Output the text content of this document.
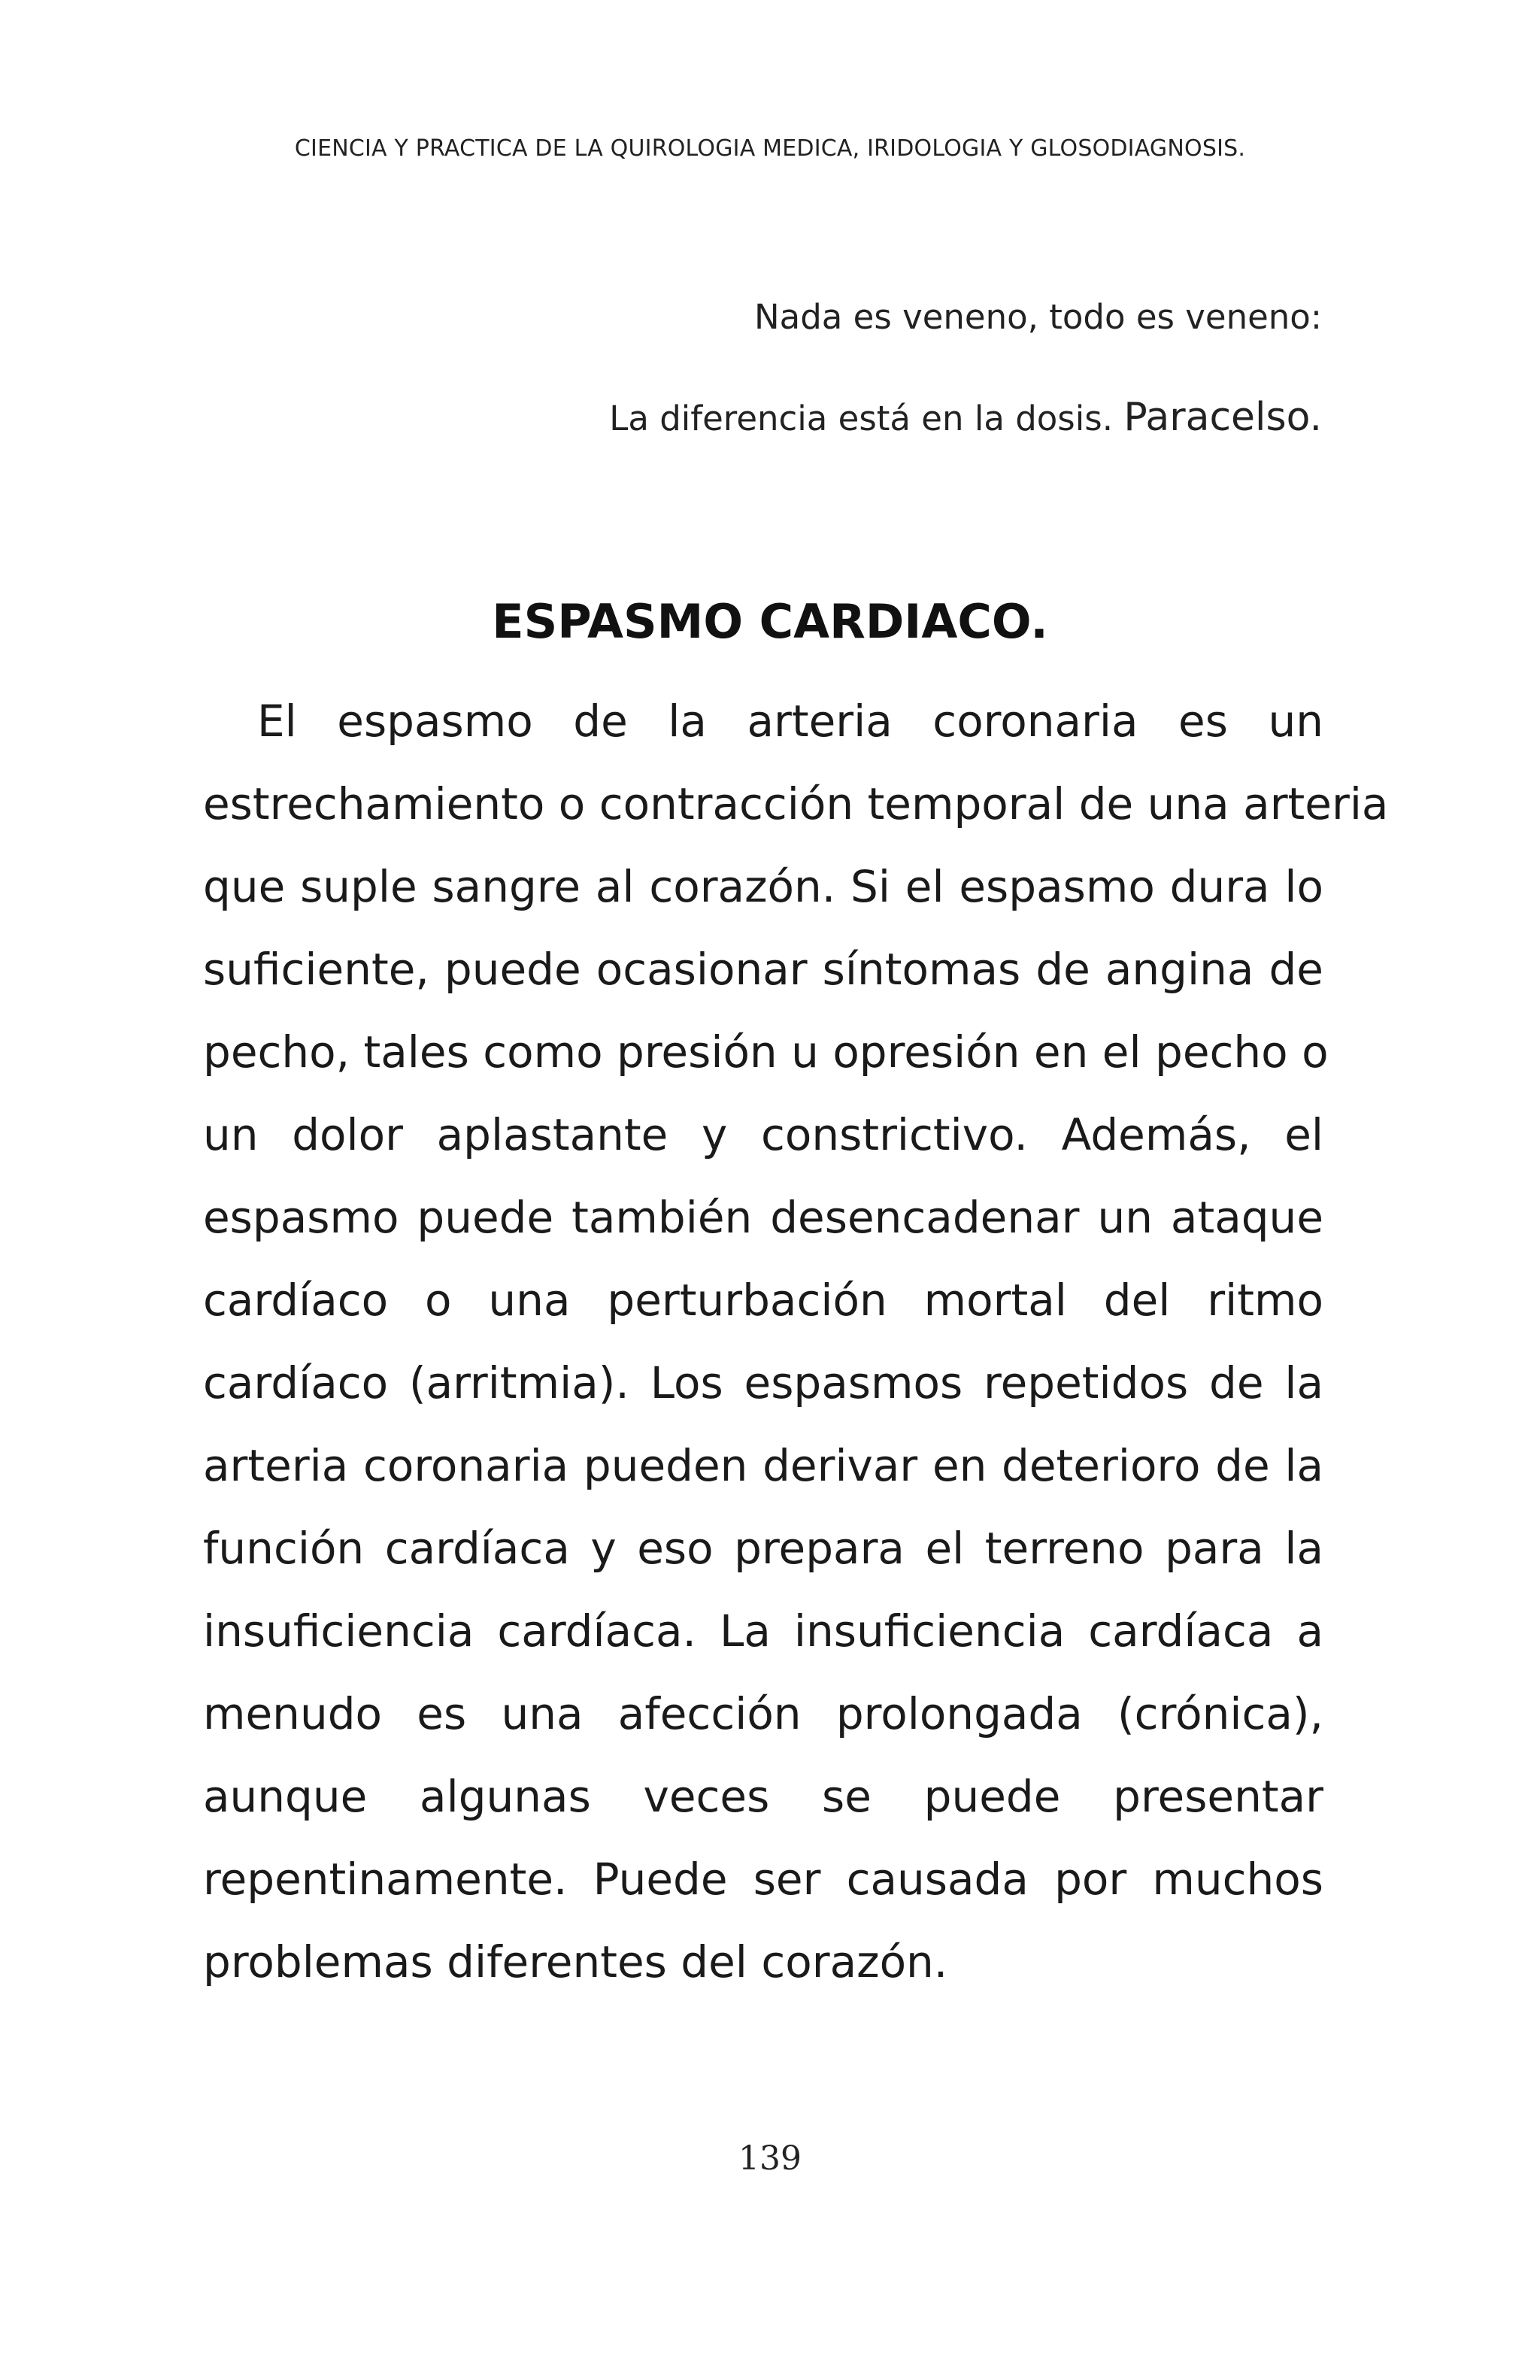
CIENCIA Y PRACTICA DE LA QUIROLOGIA MEDICA, IRIDOLOGIA Y GLOSODIAGNOSIS.
Nada es veneno, todo es veneno:
La diferencia está en la dosis. Paracelso.
ESPASMO CARDIACO.
El espasmo de la arteria coronaria es un
estrechamiento o contracción temporal de una arteria
que suple sangre al corazón. Si el espasmo dura lo
suficiente, puede ocasionar síntomas de angina de
pecho, tales como presión u opresión en el pecho o
un dolor aplastante y constrictivo. Además, el
espasmo puede también desencadenar un ataque
cardíaco o una perturbación mortal del ritmo
cardíaco (arritmia). Los espasmos repetidos de la
arteria coronaria pueden derivar en deterioro de la
función cardíaca y eso prepara el terreno para la
insuficiencia cardíaca. La insuficiencia cardíaca a
menudo es una afección prolongada (crónica),
aunque algunas veces se puede presentar
repentinamente. Puede ser causada por muchos
problemas diferentes del corazón.
139
